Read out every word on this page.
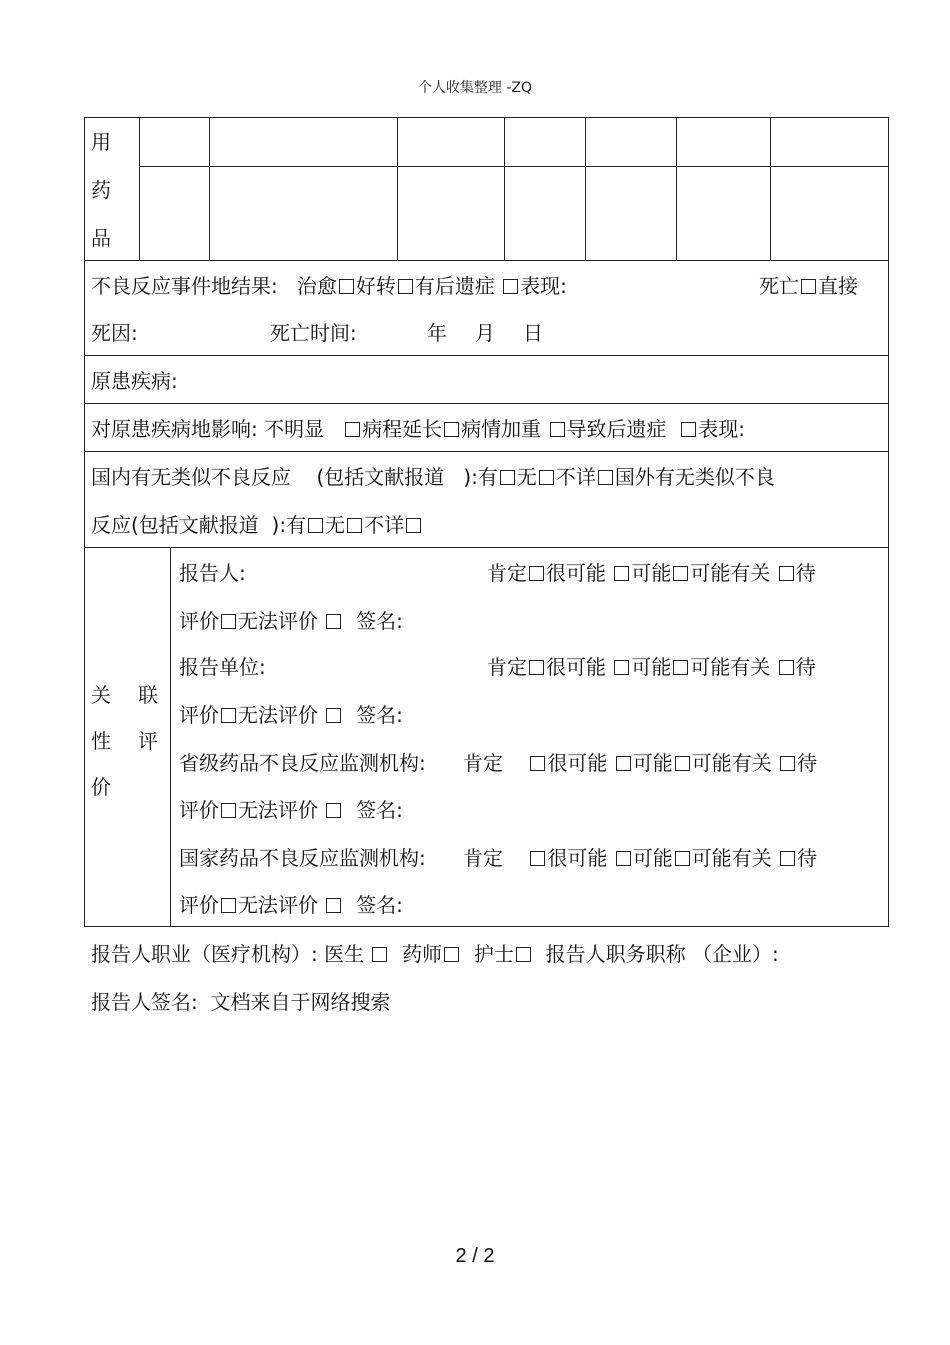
个人收集整理 -ZQ
用
药
品
不良反应事件地结果: 治愈 好转 有后遗症 表现:	死亡 直接
死因:	死亡时间:	年 月 日
原患疾病:
对原患疾病地影响: 不明显 病程延长 病情加重 导致后遗症 表现:
国内有无类似不良反应 (包括文献报道 ):有 无 不详 国外有无类似不良
反应(包括文献报道 ):有 无 不详
关 联
性 评
价
报告人:	肯定 很可能 可能 可能有关 待
评价 无法评价 签名:
报告单位:	肯定 很可能 可能 可能有关 待
评价 无法评价 签名:
省级药品不良反应监测机构: 肯定 很可能 可能 可能有关 待
评价 无法评价 签名:
国家药品不良反应监测机构: 肯定 很可能 可能 可能有关 待
评价 无法评价 签名:
报告人职业（医疗机构）: 医生 药师 护士 报告人职务职称 （企业）:
报告人签名:  文档来自于网络搜索
2 / 2
